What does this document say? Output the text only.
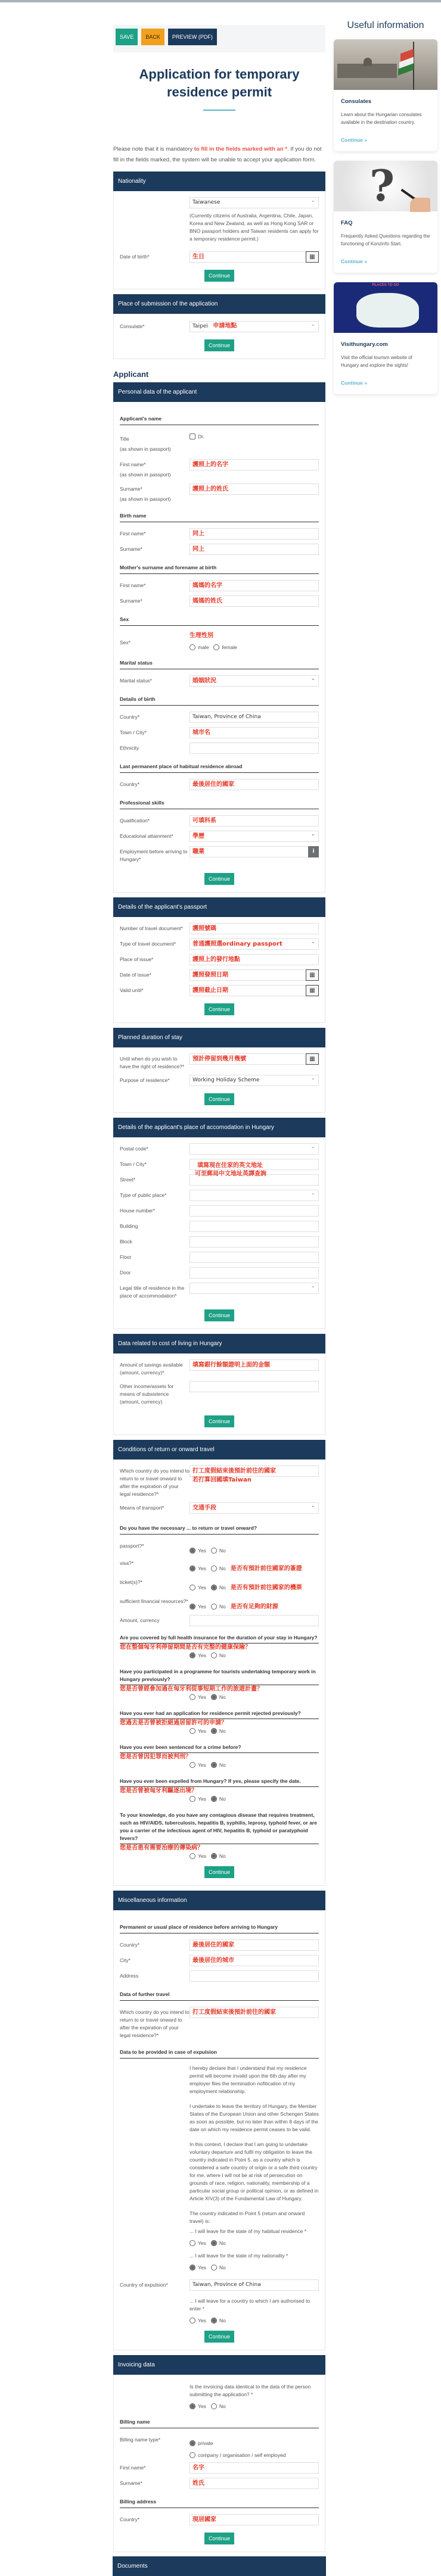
SAVE	BACK	PREVIEW (PDF)
Application for temporary residence permit

Please note that it is mandatory to fill in the fields marked with an *. If you do not fill in the fields marked, the system will be unable to accept your application form.

Nationality
Taiwanese ⌄
(Currently citizens of Australia, Argentina, Chile, Japan, Korea and New Zealand, as well as Hong Kong SAR or BNO passport holders and Taiwan residents can apply for a temporary residence permit.)
Date of birth*	生日	▦
Continue
Place of submission of the application
Consulate*	Taipei 申請地點 ⌄
Continue
Applicant
Personal data of the applicant
Applicant's name
Title
(as shown in passport)
Dr.
First name*
(as shown in passport)
護照上的名字
Surname*
(as shown in passport)
護照上的姓氏
Birth name
First name*	同上
Surname*	同上
Mother's surname and forename at birth
First name*	媽媽的名字
Surname*	媽媽的姓氏
Sex
Sex*
生理性別
male	female
Marital status
Marital status*	婚姻狀況 ⌄
Details of birth
Country*	Taiwan, Province of China
Town / City*	城市名
Ethnicity
Last permanent place of habitual residence abroad
Country*	最後居住的國家
Professional skills
Qualification*	可填科系
Educational attainment*	學歷 ⌄
Employment before arriving to Hungary*
職業	i
Continue
Details of the applicant's passport
Number of travel document*	護照號碼
Type of travel document*	普通護照選ordinary passport ⌄
Place of issue*	護照上的發行地點
Date of issue*	護照發照日期	▦
Valid until*	護照截止日期	▦
Continue
Planned duration of stay
Until when do you wish to have the right of residence?*
預計停留到幾月幾號	▦
Purpose of residence*	Working Holiday Scheme ⌄
Continue
Details of the applicant's place of accomodation in Hungary
Postal code*
⌄
Town / City*	填寫現在住家的英文地址
可至郵局中文地址英譯查詢
Street*
Type of public place*
⌄
House number*
Building
Block
Floor
Door
Legal title of residence in the place of accommodation*
⌄
Continue
Data related to cost of living in Hungary
Amount of savings available (amount, currency)*
填寫銀行餘額證明上面的金額
Other income/assets for means of subsistence (amount, currency)
Continue
Conditions of return or onward travel
Which country do you intend to return to or travel onward to after the expiration of your legal residence?*
打工度假結束後預計前往的國家
若打算回國填Taiwan
Means of transport*	交通手段 ⌄
Do you have the necessary ... to return or travel onward?
passport?*
Yes	No
visa?*
Yes	No 是否有預計前往國家的簽證
ticket(s)?*
Yes	No 是否有預計前往國家的機票
sufficient financial resources?*
Yes	No 是否有足夠的財源
Amount, currency
Are you covered by full health insurance for the duration of your stay in Hungary?
您在整個匈牙利停留期間是否有完整的健康保險？
Yes	No
Have you participated in a programme for tourists undertaking temporary work in Hungary previously?
您是否曾經參加過在匈牙利從事短期工作的旅遊計畫？
Yes	No
Have you ever had an application for residence permit rejected previously?
您過去是否曾被拒絕過居留許可的申請？
Yes	No
Have you ever been sentenced for a crime before?
您是否曾因犯罪而被判刑？
Yes	No
Have you ever been expelled from Hungary? If yes, please specify the date.
您是否曾被匈牙利驅逐出境？
Yes	No
To your knowledge, do you have any contagious disease that requires treatment, such as HIV/AIDS, tuberculosis, hepatitis B, syphilis, leprosy, typhoid fever, or are you a carrier of the infectious agent of HIV, hepatitis B, typhoid or paratyphoid fevers?
您是否患有需要治療的傳染病？
Yes	No
Continue
Miscellaneous information
Permanent or usual place of residence before arriving to Hungary
Country*	最後居住的國家
City*	最後居住的城市
Address
Data of further travel
Which country do you intend to return to or travel onward to after the expiration of your legal residence?*
打工度假結束後預計前往的國家
Data to be provided in case of expulsion

I hereby declare that I understand that my residence permit will become invalid upon the 6th day after my employer files the termination nofitication of my employment relationship.

I undertake to leave the territory of Hungary, the Member States of the European Union and other Schengen States as soon as possible, but no later than within 8 days of the date on which my residence permit ceases to be valid.

In this context, I declare that I am going to undertake voluntary departure and fulfil my obligation to leave the country indicated in Point 5, as a country which is considered a safe country of origin or a safe third country for me, where I will not be at risk of persecution on grounds of race, religion, nationality, membership of a particular social group or political opinion, or as defined in Article XIV(3) of the Fundamental Law of Hungary.

The country indicated in Point 5 (return and onward travel) is:

... I will leave for the state of my habitual residence *
Yes	No
... I will leave for the state of my nationality *
Yes	No
Country of expulsion*	Taiwan, Province of China
... I will leave for a country to which I am authorised to enter *
Yes	No
Continue
Invoicing data
Is the invoicing data identical to the data of the person submitting the application? *
Yes	No
Billing name
Billing name type*
private
company / organisation / self employed
First name*	名字
Surname*	姓氏
Billing address
Country*	現居國家
Continue
Documents
Useful information
Consulates
Learn about the Hungarian consulates available in the destination country.
Continue »
?
FAQ
Frequently Asked Questions regarding the functioning of Konzinfo Start.
Continue »
PLACES TO GO
Visithungary.com
Visit the official tourism website of Hungary and explore the sights!
Continue »
